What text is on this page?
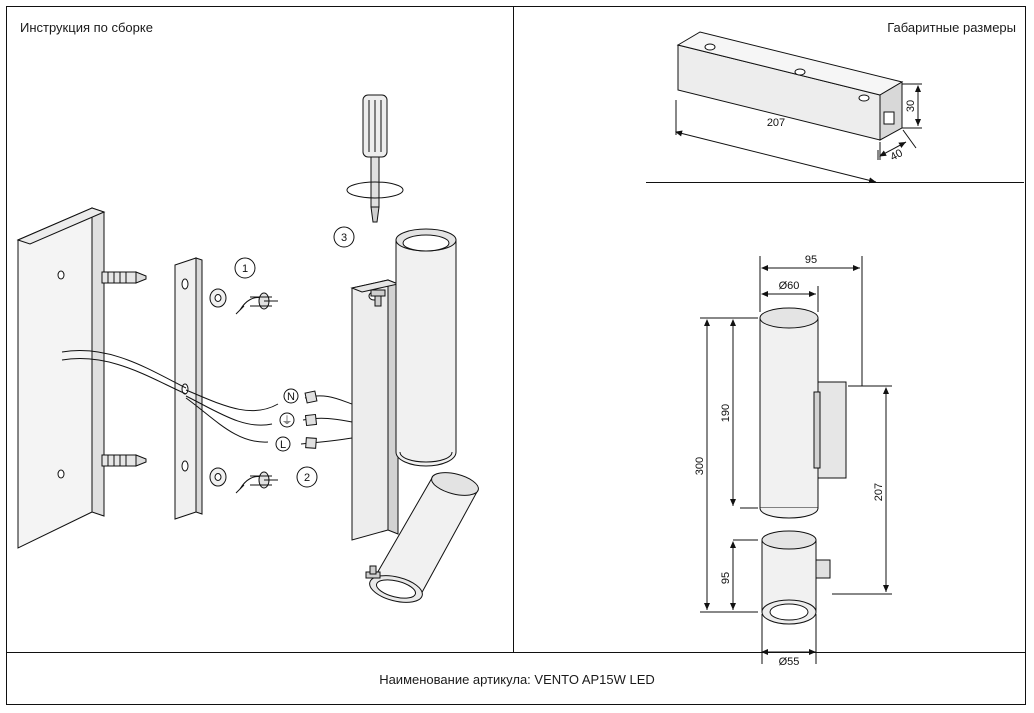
Инструкция по сборке	Габаритные размеры
Наименование артикула: VENTO AP15W LED
N
⏚
L
1
2
3
207
30
40
95
Ø60
190
300
95
207
Ø55
